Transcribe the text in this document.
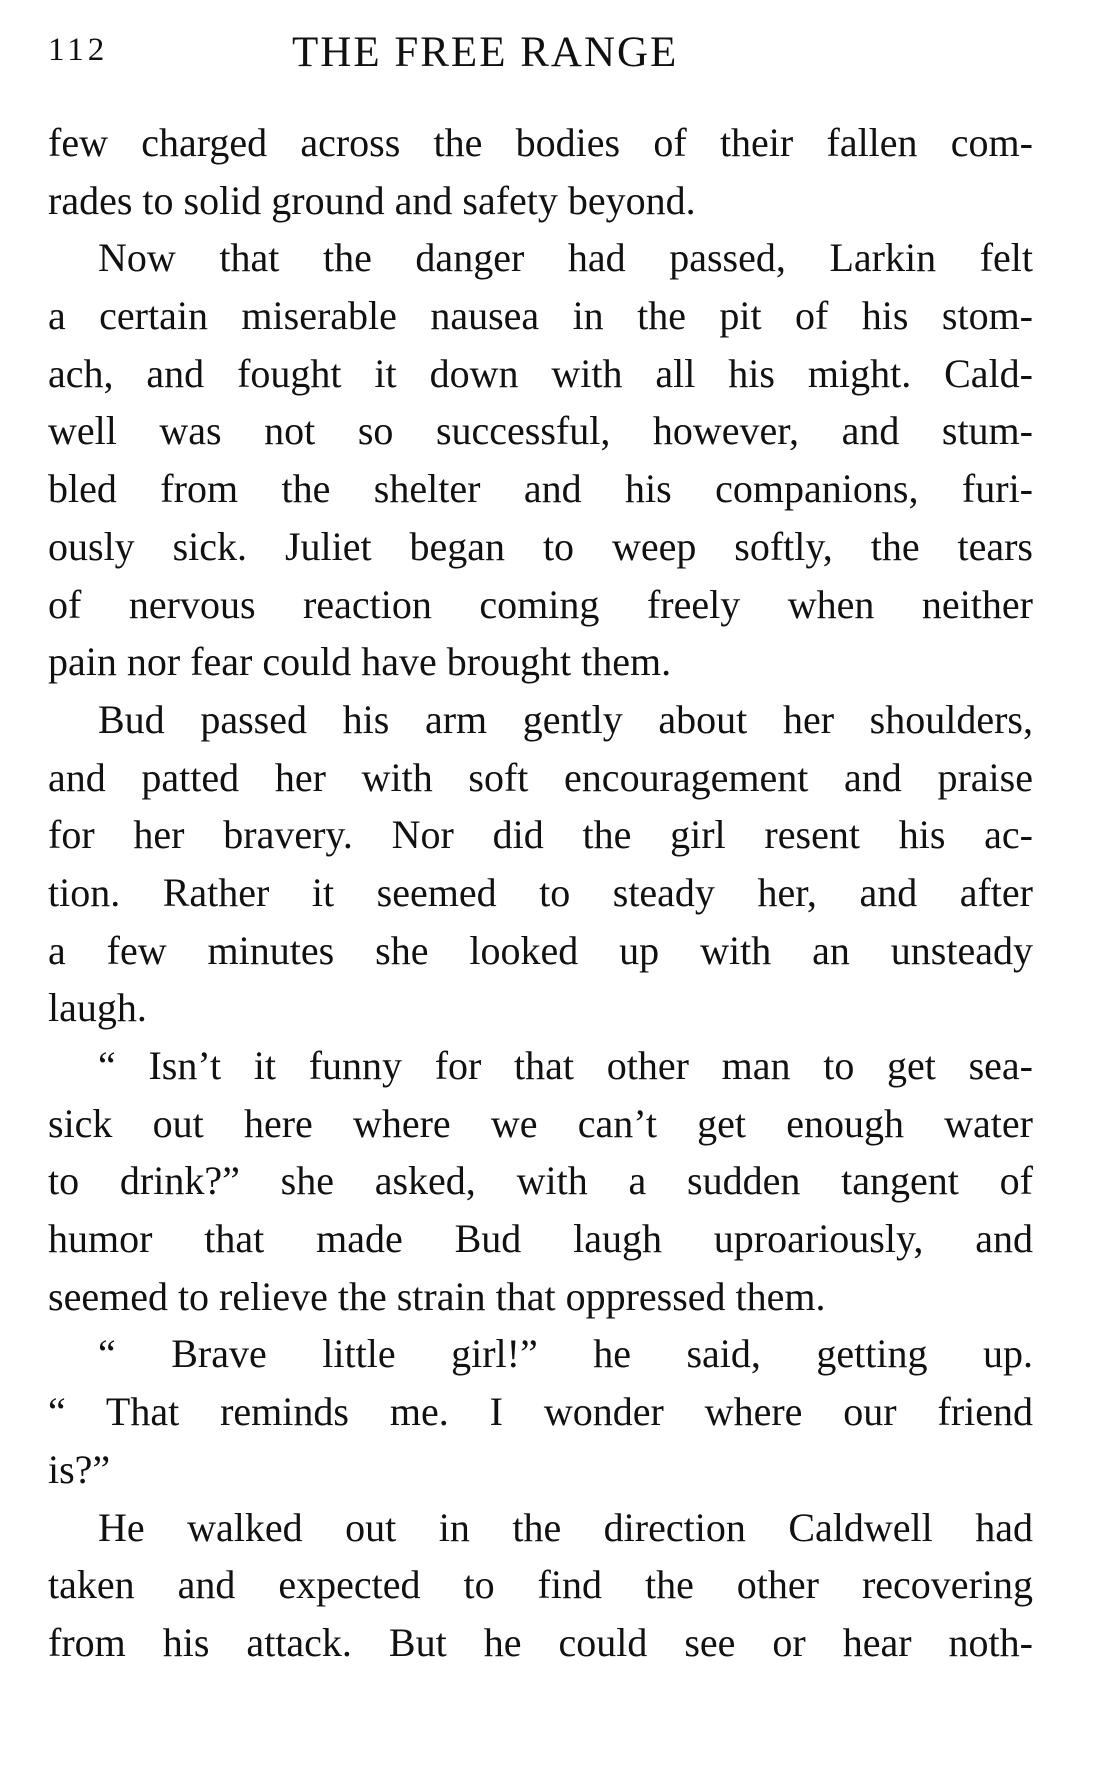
112	THE FREE RANGE
few charged across the bodies of their fallen com-
rades to solid ground and safety beyond.
Now that the danger had passed, Larkin felt
a certain miserable nausea in the pit of his stom-
ach, and fought it down with all his might. Cald-
well was not so successful, however, and stum-
bled from the shelter and his companions, furi-
ously sick. Juliet began to weep softly, the tears
of nervous reaction coming freely when neither
pain nor fear could have brought them.
Bud passed his arm gently about her shoulders,
and patted her with soft encouragement and praise
for her bravery. Nor did the girl resent his ac-
tion. Rather it seemed to steady her, and after
a few minutes she looked up with an unsteady
laugh.
“ Isn’t it funny for that other man to get sea-
sick out here where we can’t get enough water
to drink?” she asked, with a sudden tangent of
humor that made Bud laugh uproariously, and
seemed to relieve the strain that oppressed them.
“ Brave little girl!” he said, getting up.
“ That reminds me. I wonder where our friend
is?”
He walked out in the direction Caldwell had
taken and expected to find the other recovering
from his attack. But he could see or hear noth-
